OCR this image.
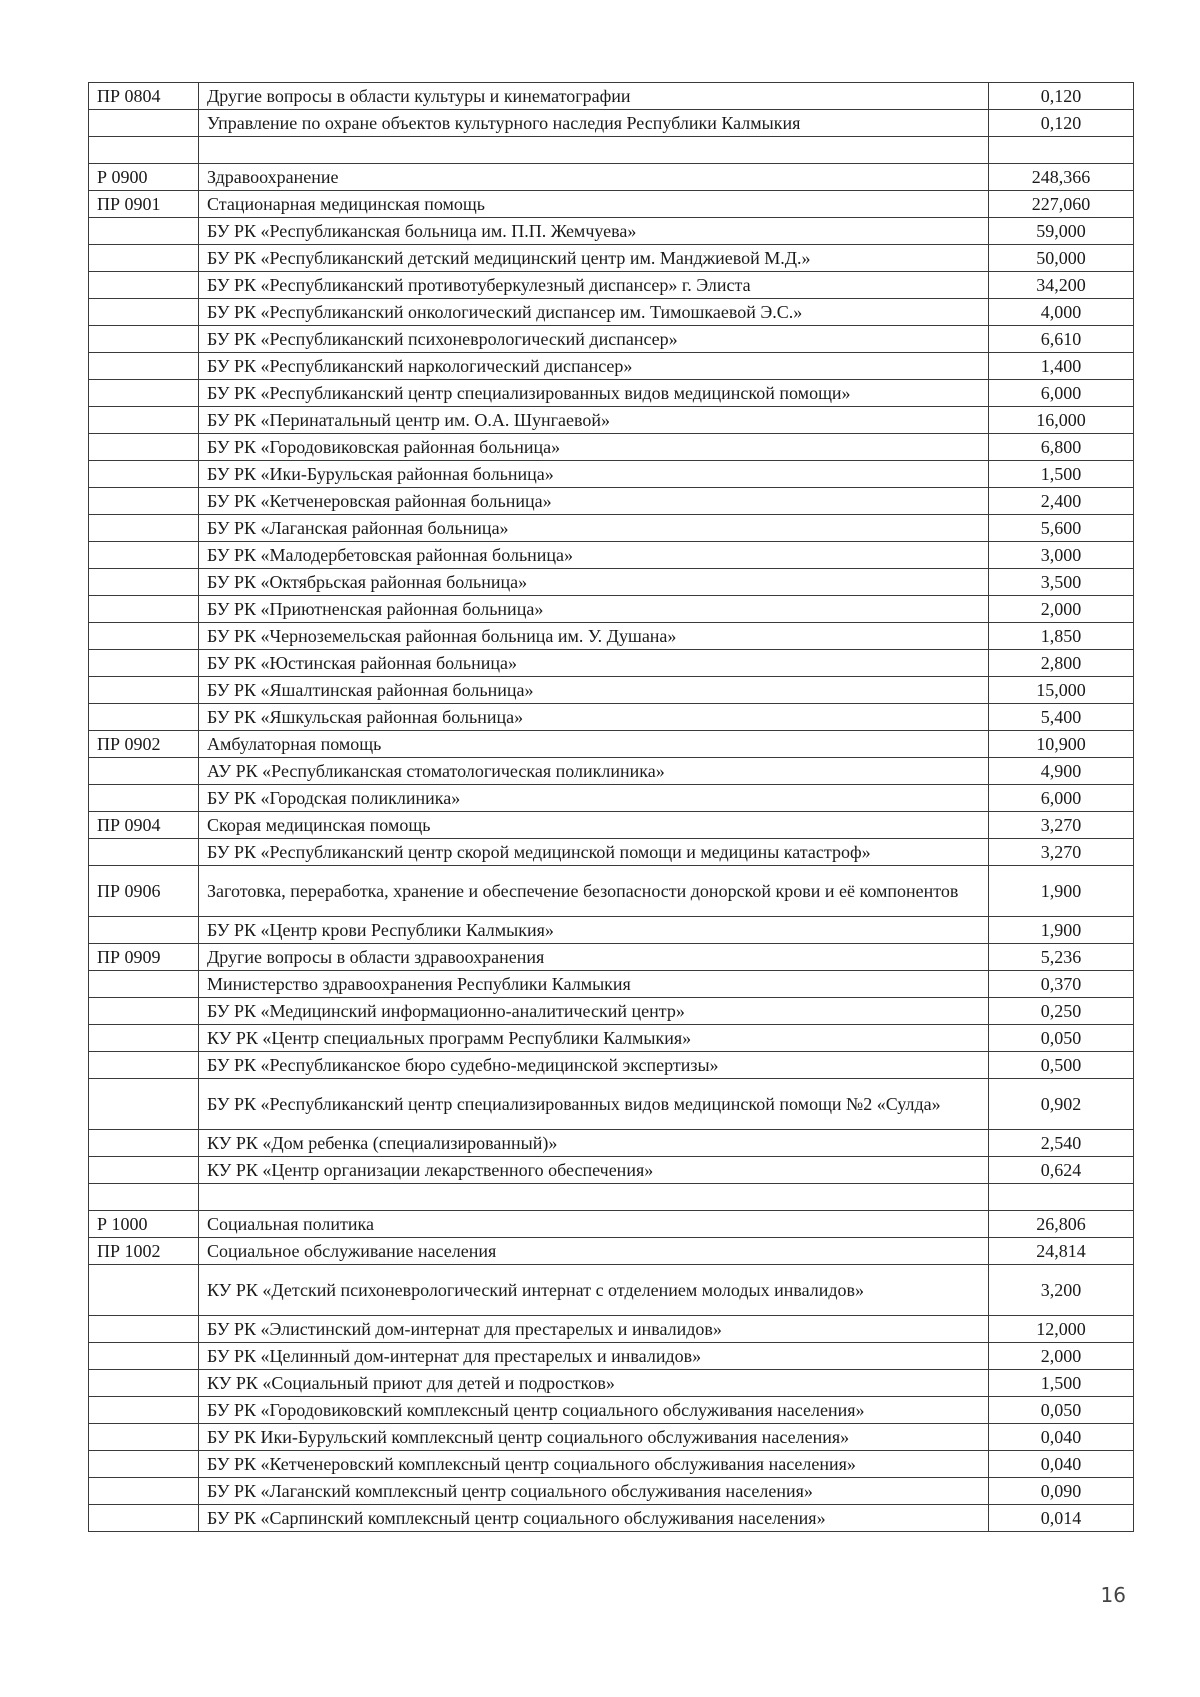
ПР 0804	Другие вопросы в области культуры и кинематографии	0,120
	Управление по охране объектов культурного наследия Республики Калмыкия	0,120

Р 0900	Здравоохранение	248,366
ПР 0901	Стационарная медицинская помощь	227,060
	БУ РК «Республиканская больница им. П.П. Жемчуева»	59,000
	БУ РК «Республиканский детский медицинский центр им. Манджиевой М.Д.»	50,000
	БУ РК «Республиканский противотуберкулезный диспансер» г. Элиста	34,200
	БУ РК «Республиканский онкологический диспансер им. Тимошкаевой Э.С.»	4,000
	БУ РК «Республиканский психоневрологический диспансер»	6,610
	БУ РК «Республиканский наркологический диспансер»	1,400
	БУ РК «Республиканский центр специализированных видов медицинской помощи»	6,000
	БУ РК «Перинатальный центр им. О.А. Шунгаевой»	16,000
	БУ РК «Городовиковская районная больница»	6,800
	БУ РК «Ики-Бурульская районная больница»	1,500
	БУ РК «Кетченеровская районная больница»	2,400
	БУ РК «Лаганская районная больница»	5,600
	БУ РК «Малодербетовская районная больница»	3,000
	БУ РК «Октябрьская районная больница»	3,500
	БУ РК «Приютненская районная больница»	2,000
	БУ РК «Черноземельская районная больница им. У. Душана»	1,850
	БУ РК «Юстинская районная больница»	2,800
	БУ РК «Яшалтинская районная больница»	15,000
	БУ РК «Яшкульская районная больница»	5,400
ПР 0902	Амбулаторная помощь	10,900
	АУ РК «Республиканская стоматологическая поликлиника»	4,900
	БУ РК «Городская поликлиника»	6,000
ПР 0904	Скорая медицинская помощь	3,270
	БУ РК «Республиканский центр скорой медицинской помощи и медицины катастроф»	3,270
ПР 0906	Заготовка, переработка, хранение и обеспечение безопасности донорской крови и её компонентов	1,900
	БУ РК «Центр крови Республики Калмыкия»	1,900
ПР 0909	Другие вопросы в области здравоохранения	5,236
	Министерство здравоохранения Республики Калмыкия	0,370
	БУ РК «Медицинский информационно-аналитический центр»	0,250
	КУ РК «Центр специальных программ Республики Калмыкия»	0,050
	БУ РК «Республиканское бюро судебно-медицинской экспертизы»	0,500
	БУ РК «Республиканский центр специализированных видов медицинской помощи №2 «Сулда»	0,902
	КУ РК «Дом ребенка (специализированный)»	2,540
	КУ РК «Центр организации лекарственного обеспечения»	0,624

Р 1000	Социальная политика	26,806
ПР 1002	Социальное обслуживание населения	24,814
	КУ РК «Детский психоневрологический интернат с отделением молодых инвалидов»	3,200
	БУ РК «Элистинский дом-интернат для престарелых и инвалидов»	12,000
	БУ РК «Целинный дом-интернат для престарелых и инвалидов»	2,000
	КУ РК «Социальный приют для детей и подростков»	1,500
	БУ РК «Городовиковский комплексный центр социального обслуживания населения»	0,050
	БУ РК Ики-Бурульский комплексный центр социального обслуживания населения»	0,040
	БУ РК «Кетченеровский комплексный центр социального обслуживания населения»	0,040
	БУ РК «Лаганский комплексный центр социального обслуживания населения»	0,090
	БУ РК «Сарпинский комплексный центр социального обслуживания населения»	0,014
16
